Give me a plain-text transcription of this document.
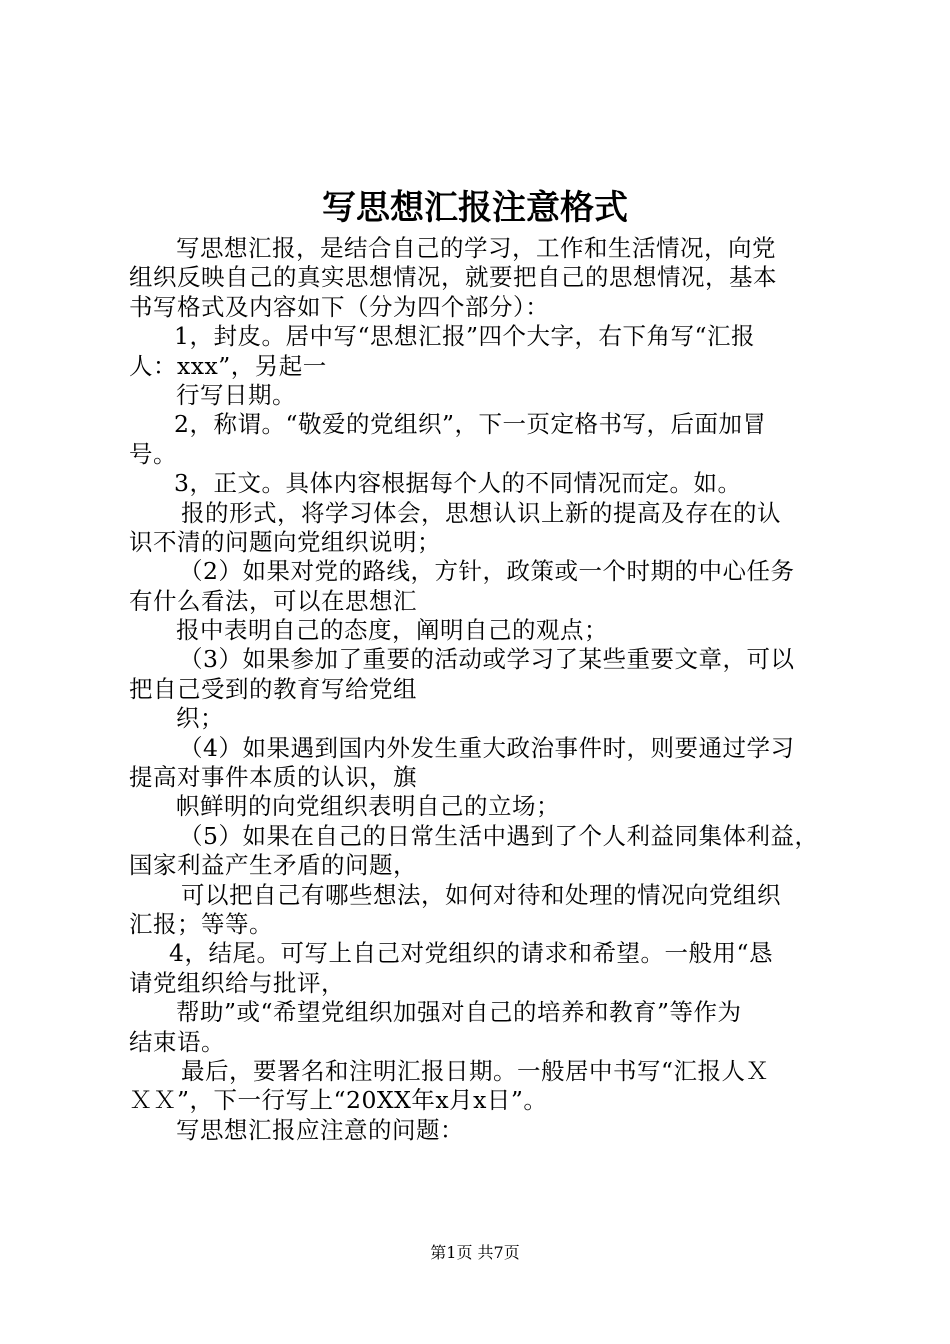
写思想汇报注意格式
写思想汇报，是结合自己的学习，工作和生活情况，向党
组织反映自己的真实思想情况，就要把自己的思想情况，基本
书写格式及内容如下（分为四个部分）：
1，封皮。居中写“思想汇报”四个大字，右下角写“汇报
人：xxx”，另起一
行写日期。
2，称谓。“敬爱的党组织”，下一页定格书写，后面加冒
号。
3，正文。具体内容根据每个人的不同情况而定。如。
报的形式，将学习体会，思想认识上新的提高及存在的认
识不清的问题向党组织说明；
（2）如果对党的路线，方针，政策或一个时期的中心任务
有什么看法，可以在思想汇
报中表明自己的态度，阐明自己的观点；
（3）如果参加了重要的活动或学习了某些重要文章，可以
把自己受到的教育写给党组
织；
（4）如果遇到国内外发生重大政治事件时，则要通过学习
提高对事件本质的认识，旗
帜鲜明的向党组织表明自己的立场；
（5）如果在自己的日常生活中遇到了个人利益同集体利益，
国家利益产生矛盾的问题，
可以把自己有哪些想法，如何对待和处理的情况向党组织
汇报；等等。
4，结尾。可写上自己对党组织的请求和希望。一般用“恳
请党组织给与批评，
帮助”或“希望党组织加强对自己的培养和教育”等作为
结束语。
最后，要署名和注明汇报日期。一般居中书写“汇报人Ｘ
ＸＸ”，下一行写上“20XX年x月x日”。
写思想汇报应注意的问题：
第1页 共7页
